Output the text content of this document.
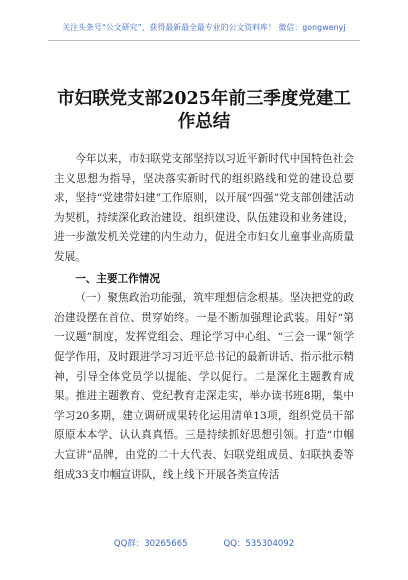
关注头条号“公文研究”，获得最新最全最专业的公文资料库！ 微信：gongwenyj
市妇联党支部2025年前三季度党建工作总结

今年以来，市妇联党支部坚持以习近平新时代中国特色社会主义思想为指导，坚决落实新时代的组织路线和党的建设总要求，坚持“党建带妇建”工作原则，以开展“四强”党支部创建活动为契机，持续深化政治建设、组织建设、队伍建设和业务建设，进一步激发机关党建的内生动力，促进全市妇女儿童事业高质量发展。

一、主要工作情况

（一）聚焦政治功能强，筑牢理想信念根基。坚决把党的政治建设摆在首位、贯穿始终。一是不断加强理论武装。用好“第一议题”制度，发挥党组会、理论学习中心组、“三会一课”领学促学作用，及时跟进学习习近平总书记的最新讲话、指示批示精神，引导全体党员学以提能、学以促行。二是深化主题教育成果。推进主题教育、党纪教育走深走实，举办读书班8期，集中学习20多期，建立调研成果转化运用清单13项，组织党员干部原原本本学、认认真真悟。三是持续抓好思想引领。打造“巾帼大宣讲”品牌，由党的二十大代表、妇联党组成员、妇联执委等组成33支巾帼宣讲队，线上线下开展各类宣传活

QQ群：30265665	QQ：535304092
